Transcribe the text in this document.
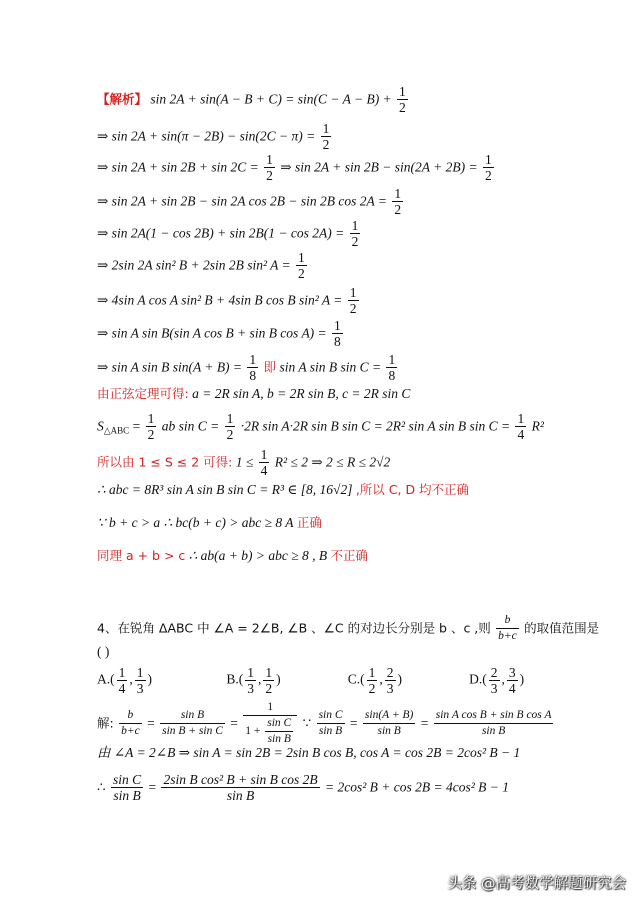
【解析】 $\sin 2A + \sin(A - B + C) = \sin(C - A - B) + \frac{1}{2}$
⇒ $\sin 2A + \sin(\pi - 2B) - \sin(2C - \pi) = \frac{1}{2}$
⇒ $\sin 2A + \sin 2B + \sin 2C = \frac{1}{2}$ ⇒ $\sin 2A + \sin 2B - \sin(2A + 2B) = \frac{1}{2}$
⇒ sin 2A + sin 2B − sin 2A cos 2B − sin 2B $\cos 2A = \frac{1}{2}$
⇒ $\sin 2A(1 - \cos 2B) + \sin 2B(1 - \cos 2A) = \frac{1}{2}$
⇒ 2sin 2A sin² B + 2sin 2B sin² $A = \frac{1}{2}$
⇒ 4sin A cos A sin² B + 4sin B cos B sin² $A = \frac{1}{2}$
⇒ sin A sin B(sin A cos B + sin B $\cos A) = \frac{1}{8}$
⇒ sin A sin B $\sin(A + B) = \frac{1}{8}$ 即 sin A sin B $\sin C = \frac{1}{8}$
由正弦定理可得: a = 2R sin A, b = 2R sin B, c = 2R sin C
$S_{\triangle ABC} = \frac{1}{2}$ ab $\sin C = \frac{1}{2} \cdot 2R$ sin A·2R sin B sin C = 2R² sin A sin B $\sin C = \frac{1}{4} R^2$
所以由 1 ≤ S ≤ 2 可得: $1 \le \frac{1}{4} R^2 \le 2$ ⇒ 2 ≤ R ≤ 2√2
∴ abc = 8R³ sin A sin B sin C = R³ ∈ [8, 16√2] ,所以 C, D 均不正确
∵ b + c > a ∴ bc(b + c) > abc ≥ 8 A 正确
同理 a + b > c ∴ ab(a + b) > abc ≥ 8 , B 不正确
4、在锐角 ΔABC 中 ∠A = 2∠B, ∠B 、∠C 的对边长分别是 b 、c ,则 $\frac{b}{b+c}$ 的取值范围是
( )
$A.( \frac{1}{4}$ , $\frac{1}{3}$ )	$B.( \frac{1}{3}$ , $\frac{1}{2}$ )	$C.( \frac{1}{2}$ , $\frac{2}{3}$ )	$D.( \frac{2}{3}$ , $\frac{3}{4}$ )
解: $\frac{b}{b+c} = \frac{\text{sin B}}{\text{sin B + sin C}} = \frac{1}{1 + \frac{\text{sin C}}{\text{sin B}}}$ ∵ $\frac{\text{sin C}}{\text{sin B}} = \frac{\sin(A + B)}{\text{sin B}} = \frac{\text{sin A cos B + sin B cos A}}{\text{sin B}}$
由 ∠A = 2∠B ⇒ sin A = sin 2B = 2sin B cos B, cos A = cos 2B = 2cos² B − 1
∴ $\frac{\text{sin C}}{\text{sin B}} = \frac{\text{2sin B cos² B + sin B cos 2B}}{\text{sin B}} = 2\cos^2$ B + cos 2B = 4cos² B − 1
头条 @高考数学解题研究会
